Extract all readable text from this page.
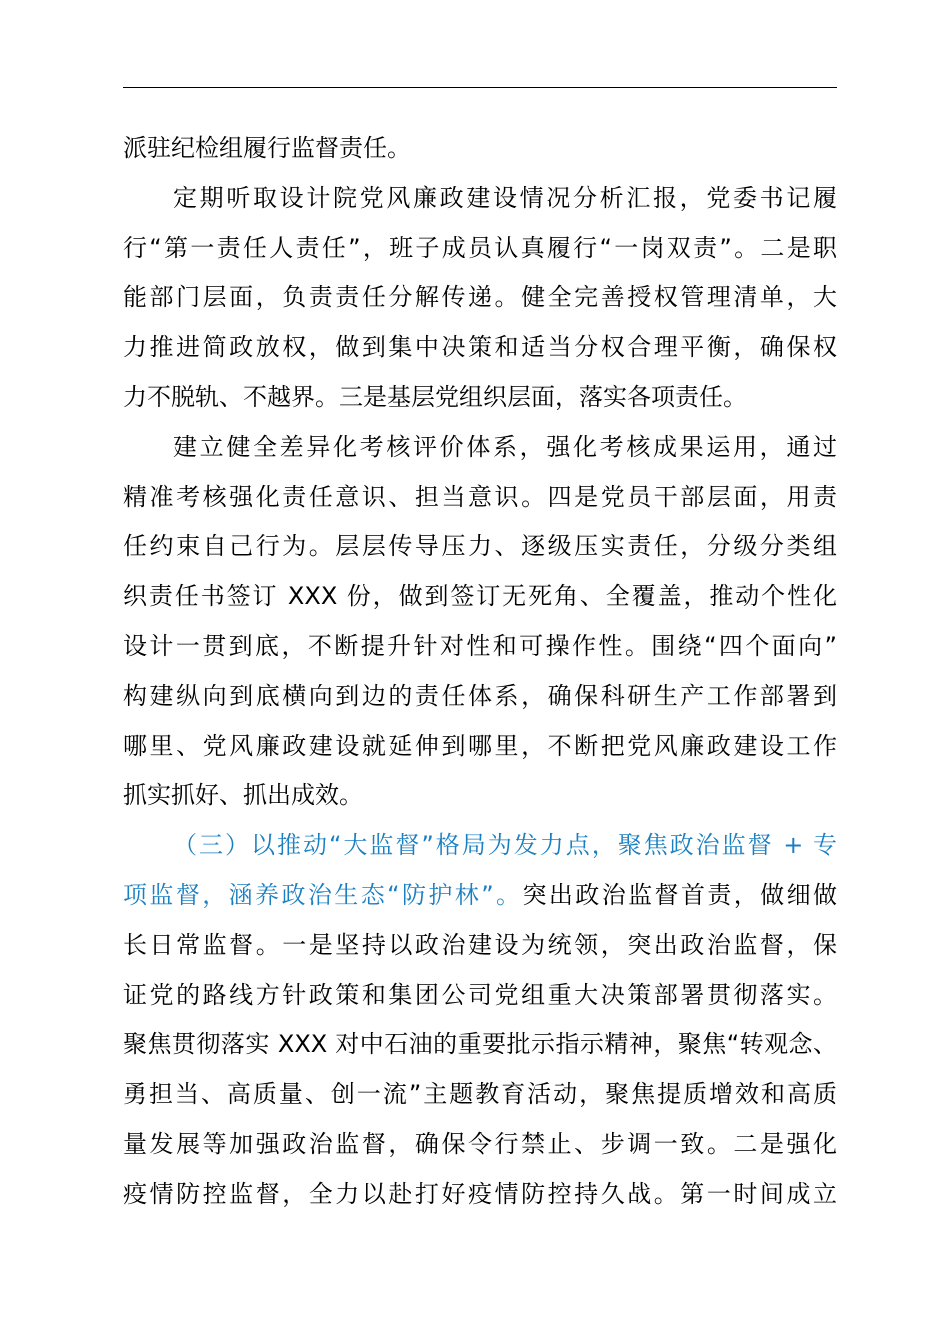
派驻纪检组履行监督责任。
定期听取设计院党风廉政建设情况分析汇报，党委书记履
行“第一责任人责任”，班子成员认真履行“一岗双责”。二是职
能部门层面，负责责任分解传递。健全完善授权管理清单，大
力推进简政放权，做到集中决策和适当分权合理平衡，确保权
力不脱轨、不越界。三是基层党组织层面，落实各项责任。
建立健全差异化考核评价体系，强化考核成果运用，通过
精准考核强化责任意识、担当意识。四是党员干部层面，用责
任约束自己行为。层层传导压力、逐级压实责任，分级分类组
织责任书签订 XXX 份，做到签订无死角、全覆盖，推动个性化
设计一贯到底，不断提升针对性和可操作性。围绕“四个面向”
构建纵向到底横向到边的责任体系，确保科研生产工作部署到
哪里、党风廉政建设就延伸到哪里，不断把党风廉政建设工作
抓实抓好、抓出成效。
（三）以推动“大监督”格局为发力点，聚焦政治监督 + 专
项监督，涵养政治生态“防护林”。突出政治监督首责，做细做
长日常监督。一是坚持以政治建设为统领，突出政治监督，保
证党的路线方针政策和集团公司党组重大决策部署贯彻落实。
聚焦贯彻落实 XXX 对中石油的重要批示指示精神，聚焦“转观念、
勇担当、高质量、创一流”主题教育活动，聚焦提质增效和高质
量发展等加强政治监督，确保令行禁止、步调一致。二是强化
疫情防控监督，全力以赴打好疫情防控持久战。第一时间成立
